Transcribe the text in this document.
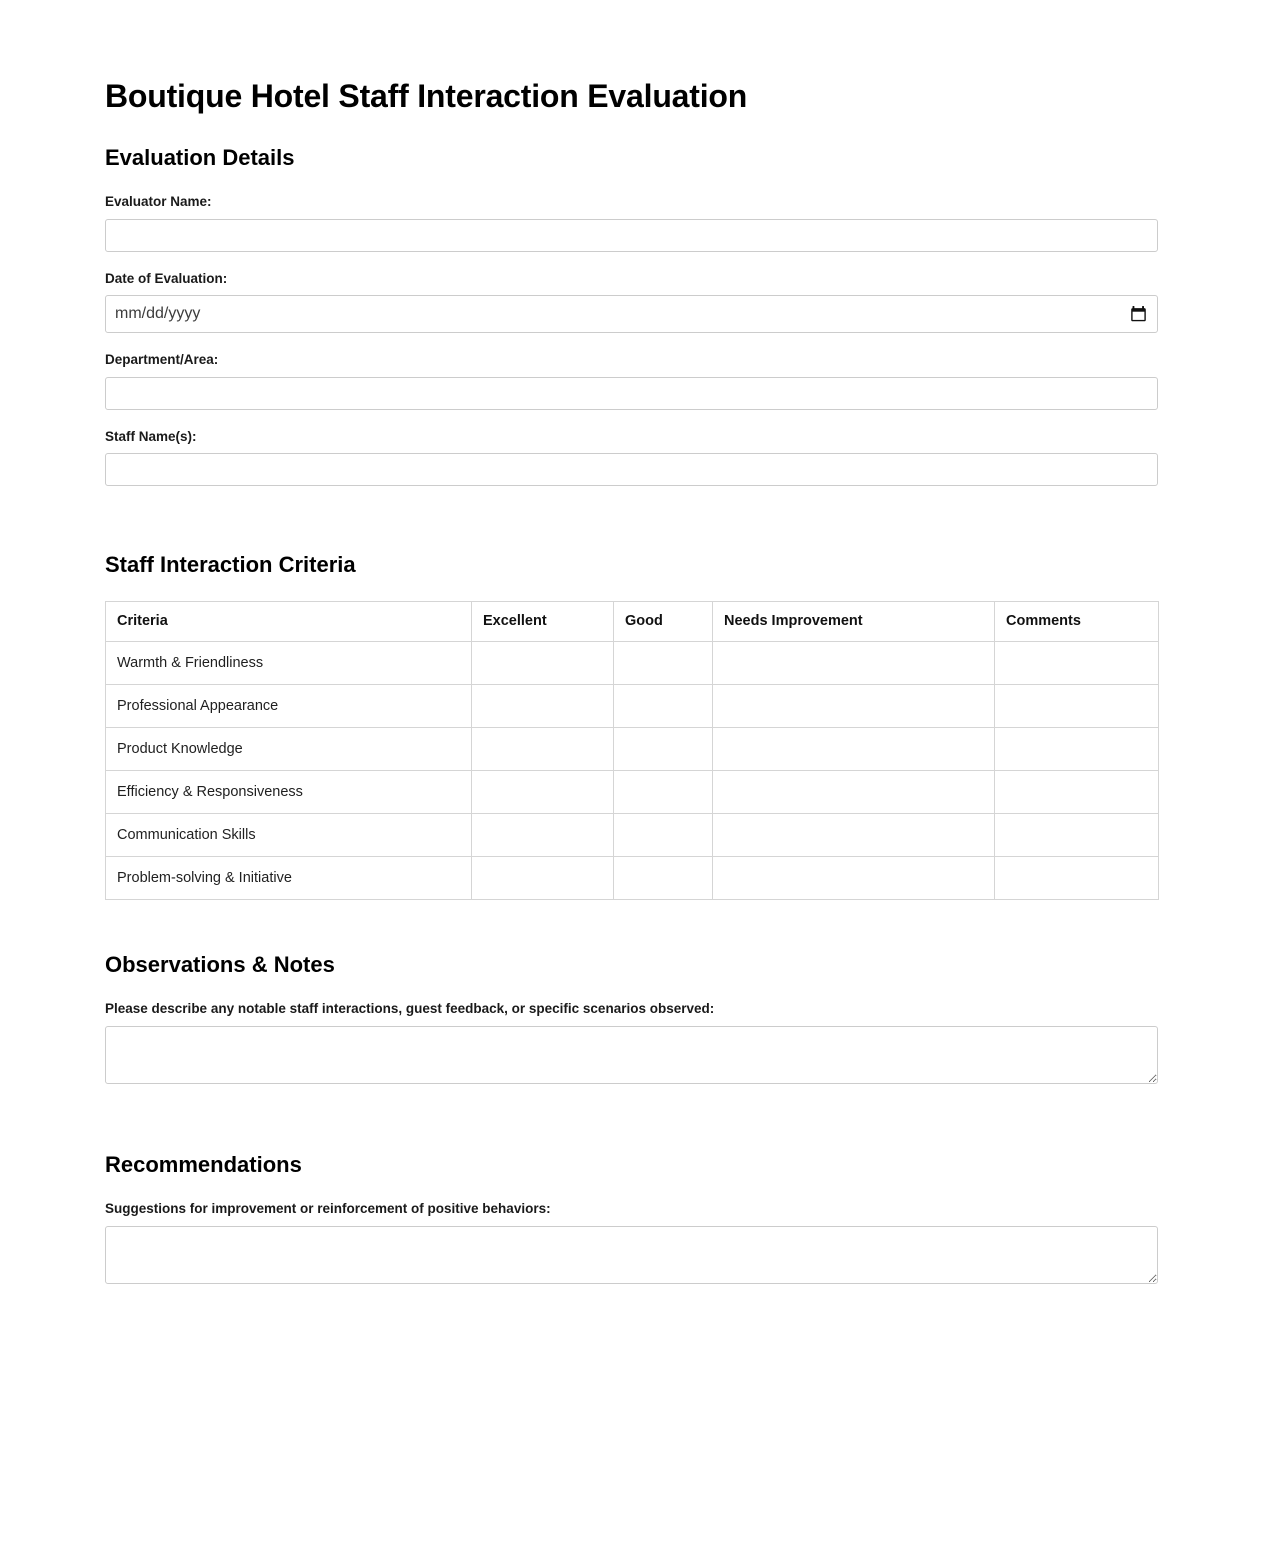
Boutique Hotel Staff Interaction Evaluation
Evaluation Details
Evaluator Name:
Date of Evaluation:
mm/dd/yyyy
Department/Area:
Staff Name(s):
Staff Interaction Criteria
Criteria	Excellent	Good	Needs Improvement	Comments
Warmth & Friendliness				
Professional Appearance				
Product Knowledge				
Efficiency & Responsiveness				
Communication Skills				
Problem-solving & Initiative				
Observations & Notes
Please describe any notable staff interactions, guest feedback, or specific scenarios observed:
Recommendations
Suggestions for improvement or reinforcement of positive behaviors:
